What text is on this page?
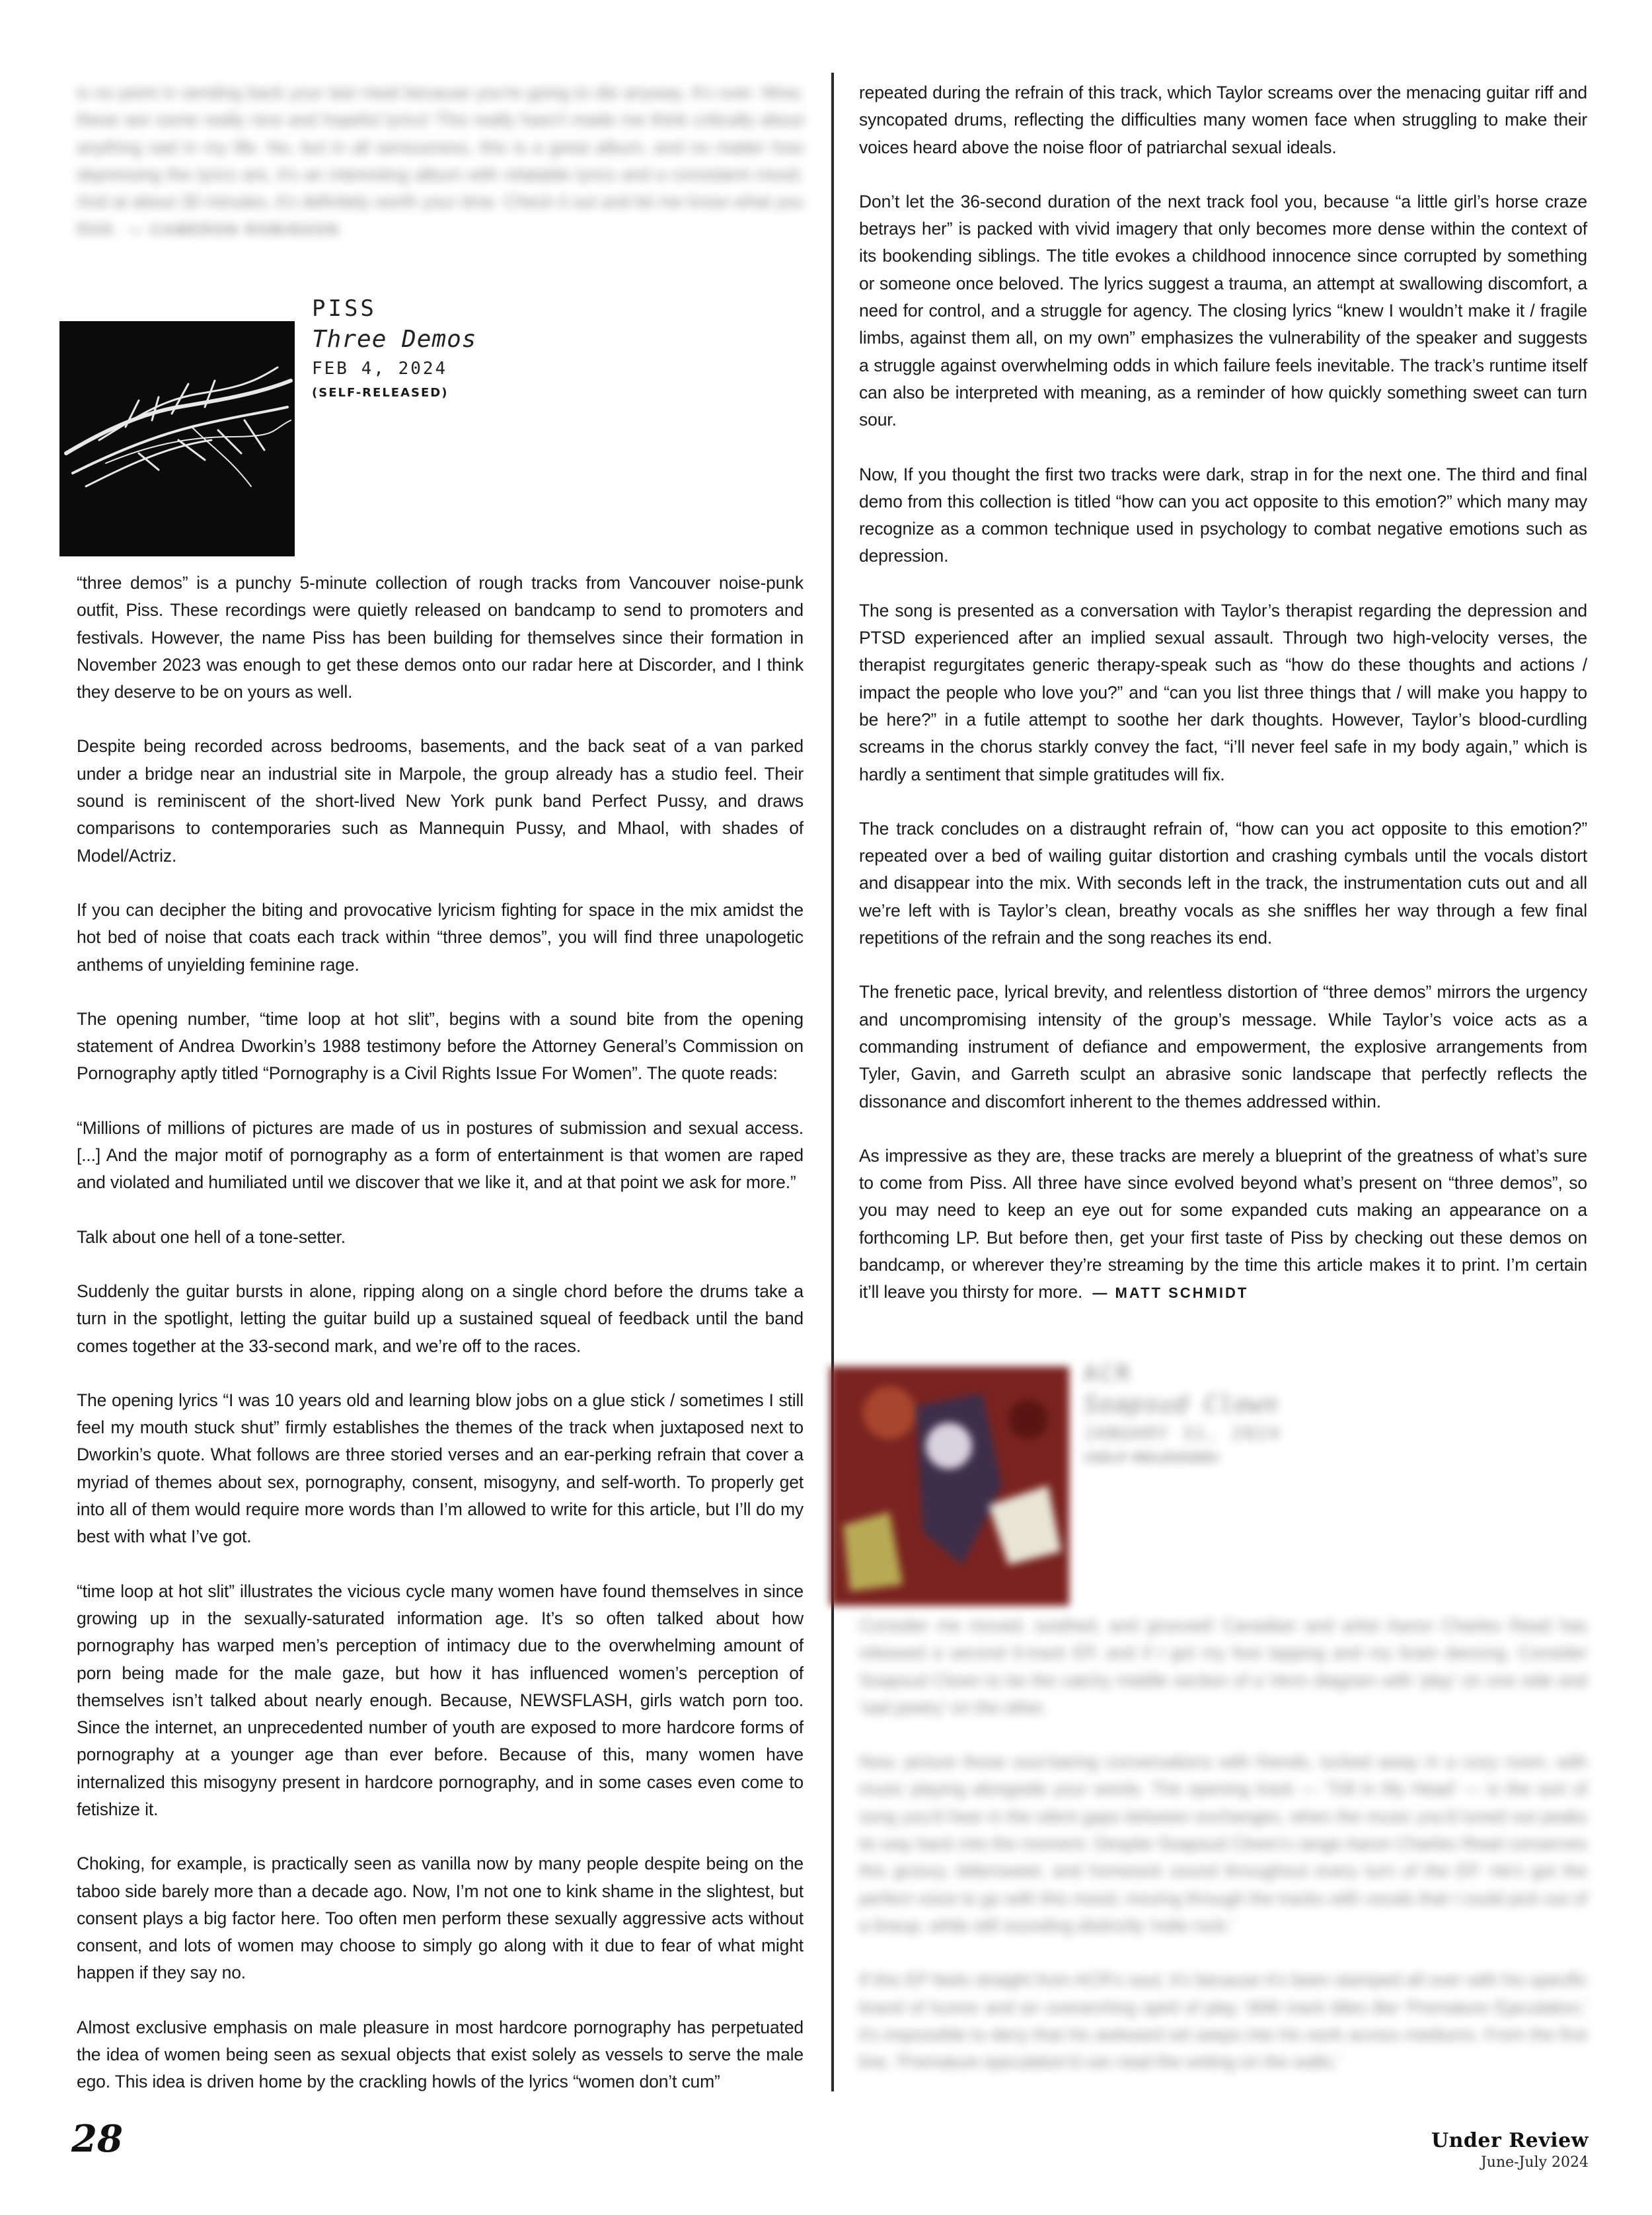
is no point in sending back your last meal because you're going to die anyway. It's over. Wow, these are some really nice and hopeful lyrics! This really hasn't made me think critically about anything sad in my life. No, but in all seriousness, this is a great album, and no matter how depressing the lyrics are, it's an interesting album with relatable lyrics and a consistent mood. And at about 30 minutes, it's definitely worth your time. Check it out and let me know what you think. — CAMERON ROBINSON

PISS
Three Demos
FEB 4, 2024
(SELF-RELEASED)

“three demos” is a punchy 5-minute collection of rough tracks from Vancouver noise-punk outfit, Piss. These recordings were quietly released on bandcamp to send to promoters and festivals. However, the name Piss has been building for themselves since their formation in November 2023 was enough to get these demos onto our radar here at Discorder, and I think they deserve to be on yours as well.

Despite being recorded across bedrooms, basements, and the back seat of a van parked under a bridge near an industrial site in Marpole, the group already has a studio feel. Their sound is reminiscent of the short-lived New York punk band Perfect Pussy, and draws comparisons to contemporaries such as Mannequin Pussy, and Mhaol, with shades of Model/Actriz.

If you can decipher the biting and provocative lyricism fighting for space in the mix amidst the hot bed of noise that coats each track within “three demos”, you will find three unapologetic anthems of unyielding feminine rage.

The opening number, “time loop at hot slit”, begins with a sound bite from the opening statement of Andrea Dworkin’s 1988 testimony before the Attorney General’s Commission on Pornography aptly titled “Pornography is a Civil Rights Issue For Women”. The quote reads:

“Millions of millions of pictures are made of us in postures of submission and sexual access. [...] And the major motif of pornography as a form of entertainment is that women are raped and violated and humiliated until we discover that we like it, and at that point we ask for more.”

Talk about one hell of a tone-setter.

Suddenly the guitar bursts in alone, ripping along on a single chord before the drums take a turn in the spotlight, letting the guitar build up a sustained squeal of feedback until the band comes together at the 33-second mark, and we’re off to the races.

The opening lyrics “I was 10 years old and learning blow jobs on a glue stick / sometimes I still feel my mouth stuck shut” firmly establishes the themes of the track when juxtaposed next to Dworkin’s quote. What follows are three storied verses and an ear-perking refrain that cover a myriad of themes about sex, pornography, consent, misogyny, and self-worth. To properly get into all of them would require more words than I’m allowed to write for this article, but I’ll do my best with what I’ve got.

“time loop at hot slit” illustrates the vicious cycle many women have found themselves in since growing up in the sexually-saturated information age. It’s so often talked about how pornography has warped men’s perception of intimacy due to the overwhelming amount of porn being made for the male gaze, but how it has influenced women’s perception of themselves isn’t talked about nearly enough. Because, NEWSFLASH, girls watch porn too. Since the internet, an unprecedented number of youth are exposed to more hardcore forms of pornography at a younger age than ever before. Because of this, many women have internalized this misogyny present in hardcore pornography, and in some cases even come to fetishize it.

Choking, for example, is practically seen as vanilla now by many people despite being on the taboo side barely more than a decade ago. Now, I’m not one to kink shame in the slightest, but consent plays a big factor here. Too often men perform these sexually aggressive acts without consent, and lots of women may choose to simply go along with it due to fear of what might happen if they say no.

Almost exclusive emphasis on male pleasure in most hardcore pornography has perpetuated the idea of women being seen as sexual objects that exist solely as vessels to serve the male ego. This idea is driven home by the crackling howls of the lyrics “women don’t cum”

repeated during the refrain of this track, which Taylor screams over the menacing guitar riff and syncopated drums, reflecting the difficulties many women face when struggling to make their voices heard above the noise floor of patriarchal sexual ideals.

Don’t let the 36-second duration of the next track fool you, because “a little girl’s horse craze betrays her” is packed with vivid imagery that only becomes more dense within the context of its bookending siblings. The title evokes a childhood innocence since corrupted by something or someone once beloved. The lyrics suggest a trauma, an attempt at swallowing discomfort, a need for control, and a struggle for agency. The closing lyrics “knew I wouldn’t make it / fragile limbs, against them all, on my own” emphasizes the vulnerability of the speaker and suggests a struggle against overwhelming odds in which failure feels inevitable. The track’s runtime itself can also be interpreted with meaning, as a reminder of how quickly something sweet can turn sour.

Now, If you thought the first two tracks were dark, strap in for the next one. The third and final demo from this collection is titled “how can you act opposite to this emotion?” which many may recognize as a common technique used in psychology to combat negative emotions such as depression.

The song is presented as a conversation with Taylor’s therapist regarding the depression and PTSD experienced after an implied sexual assault. Through two high-velocity verses, the therapist regurgitates generic therapy-speak such as “how do these thoughts and actions / impact the people who love you?” and “can you list three things that / will make you happy to be here?” in a futile attempt to soothe her dark thoughts. However, Taylor’s blood-curdling screams in the chorus starkly convey the fact, “i’ll never feel safe in my body again,” which is hardly a sentiment that simple gratitudes will fix.

The track concludes on a distraught refrain of, “how can you act opposite to this emotion?” repeated over a bed of wailing guitar distortion and crashing cymbals until the vocals distort and disappear into the mix. With seconds left in the track, the instrumentation cuts out and all we’re left with is Taylor’s clean, breathy vocals as she sniffles her way through a few final repetitions of the refrain and the song reaches its end.

The frenetic pace, lyrical brevity, and relentless distortion of “three demos” mirrors the urgency and uncompromising intensity of the group’s message. While Taylor’s voice acts as a commanding instrument of defiance and empowerment, the explosive arrangements from Tyler, Gavin, and Garreth sculpt an abrasive sonic landscape that perfectly reflects the dissonance and discomfort inherent to the themes addressed within.

As impressive as they are, these tracks are merely a blueprint of the greatness of what’s sure to come from Piss. All three have since evolved beyond what’s present on “three demos”, so you may need to keep an eye out for some expanded cuts making an appearance on a forthcoming LP. But before then, get your first taste of Piss by checking out these demos on bandcamp, or wherever they’re streaming by the time this article makes it to print. I’m certain it’ll leave you thirsty for more. — MATT SCHMIDT

ACR
Soapsud Clown
JANUARY 31, 2024
(SELF-RELEASED)

Consider me moved, soothed, and grooved! Canadian and artist Aaron Charles Read has released a second 6-track EP, and if I got my foot tapping and my brain dancing. Consider Soapsud Clown to be the catchy middle section of a Venn diagram with 'play' on one side and 'sad poetry' on the other.

Now, picture those soul-baring conversations with friends, tucked away in a cozy room, with music playing alongside your words. The opening track — 'Trill in My Head' — is the sort of song you'd hear in the silent gaps between exchanges, when the music you'd tuned out peaks its way back into the moment. Despite Soapsud Clown's range Aaron Charles Read conserves this groovy, bittersweet, and homesick sound throughout every turn of the EP. He's got the perfect voice to go with this mood, moving through the tracks with vocals that I could pick out of a lineup, while still sounding distinctly 'indie rock.'

If this EP feels straight from ACR's soul, it's because it's been stamped all over with his specific brand of humor and an overarching spirit of play. With track titles like 'Premature Ejaculation,' it's impossible to deny that his awkward wit seeps into his work across mediums. From the first line, 'Premature ejaculation'd can read the writing on the walls,'

28	Under Review
June-July 2024
